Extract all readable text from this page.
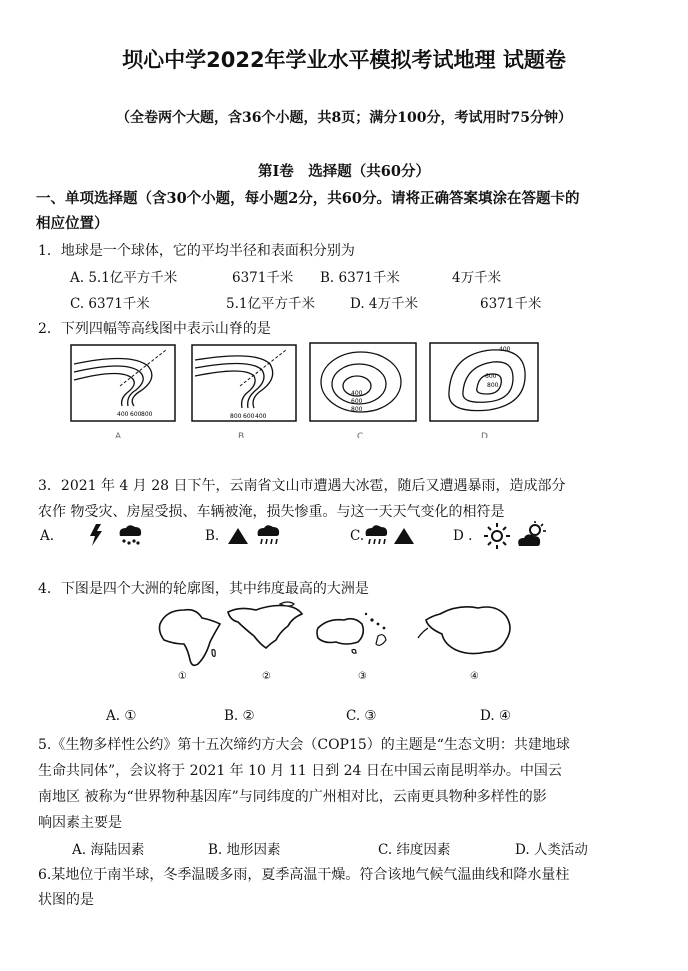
坝心中学2022年学业水平模拟考试地理 试题卷
（全卷两个大题，含36个小题，共8页；满分100分，考试用时75分钟）
第Ⅰ卷　选择题（共60分）
一、单项选择题（含30个小题，每小题2分，共60分。请将正确答案填涂在答题卡的
相应位置）
1．地球是一个球体，它的平均半径和表面积分别为
A. 5.1亿平方千米	6371千米 B. 6371千米	4万千米
C. 6371千米	5.1亿平方千米	D. 4万千米	6371千米
2．下列四幅等高线图中表示山脊的是
400 600 800
A
800 600 400
B
400
600
800
C
400
600
800
D
3．2021 年 4 月 28 日下午，云南省文山市遭遇大冰雹，随后又遭遇暴雨，造成部分
农作 物受灾、房屋受损、车辆被淹，损失惨重。与这一天天气变化的相符是
A.	B.	C.	D .
4．下图是四个大洲的轮廓图，其中纬度最高的大洲是
①	②	③	④
A. ①	B. ②	C. ③	D. ④
5.《生物多样性公约》第十五次缔约方大会（COP15）的主题是“生态文明：共建地球
生命共同体”，会议将于 2021 年 10 月 11 日到 24 日在中国云南昆明举办。中国云
南地区 被称为“世界物种基因库”与同纬度的广州相对比，云南更具物种多样性的影
响因素主要是
A. 海陆因素	B. 地形因素	C. 纬度因素	D. 人类活动
6.某地位于南半球，冬季温暖多雨，夏季高温干燥。符合该地气候气温曲线和降水量柱
状图的是
